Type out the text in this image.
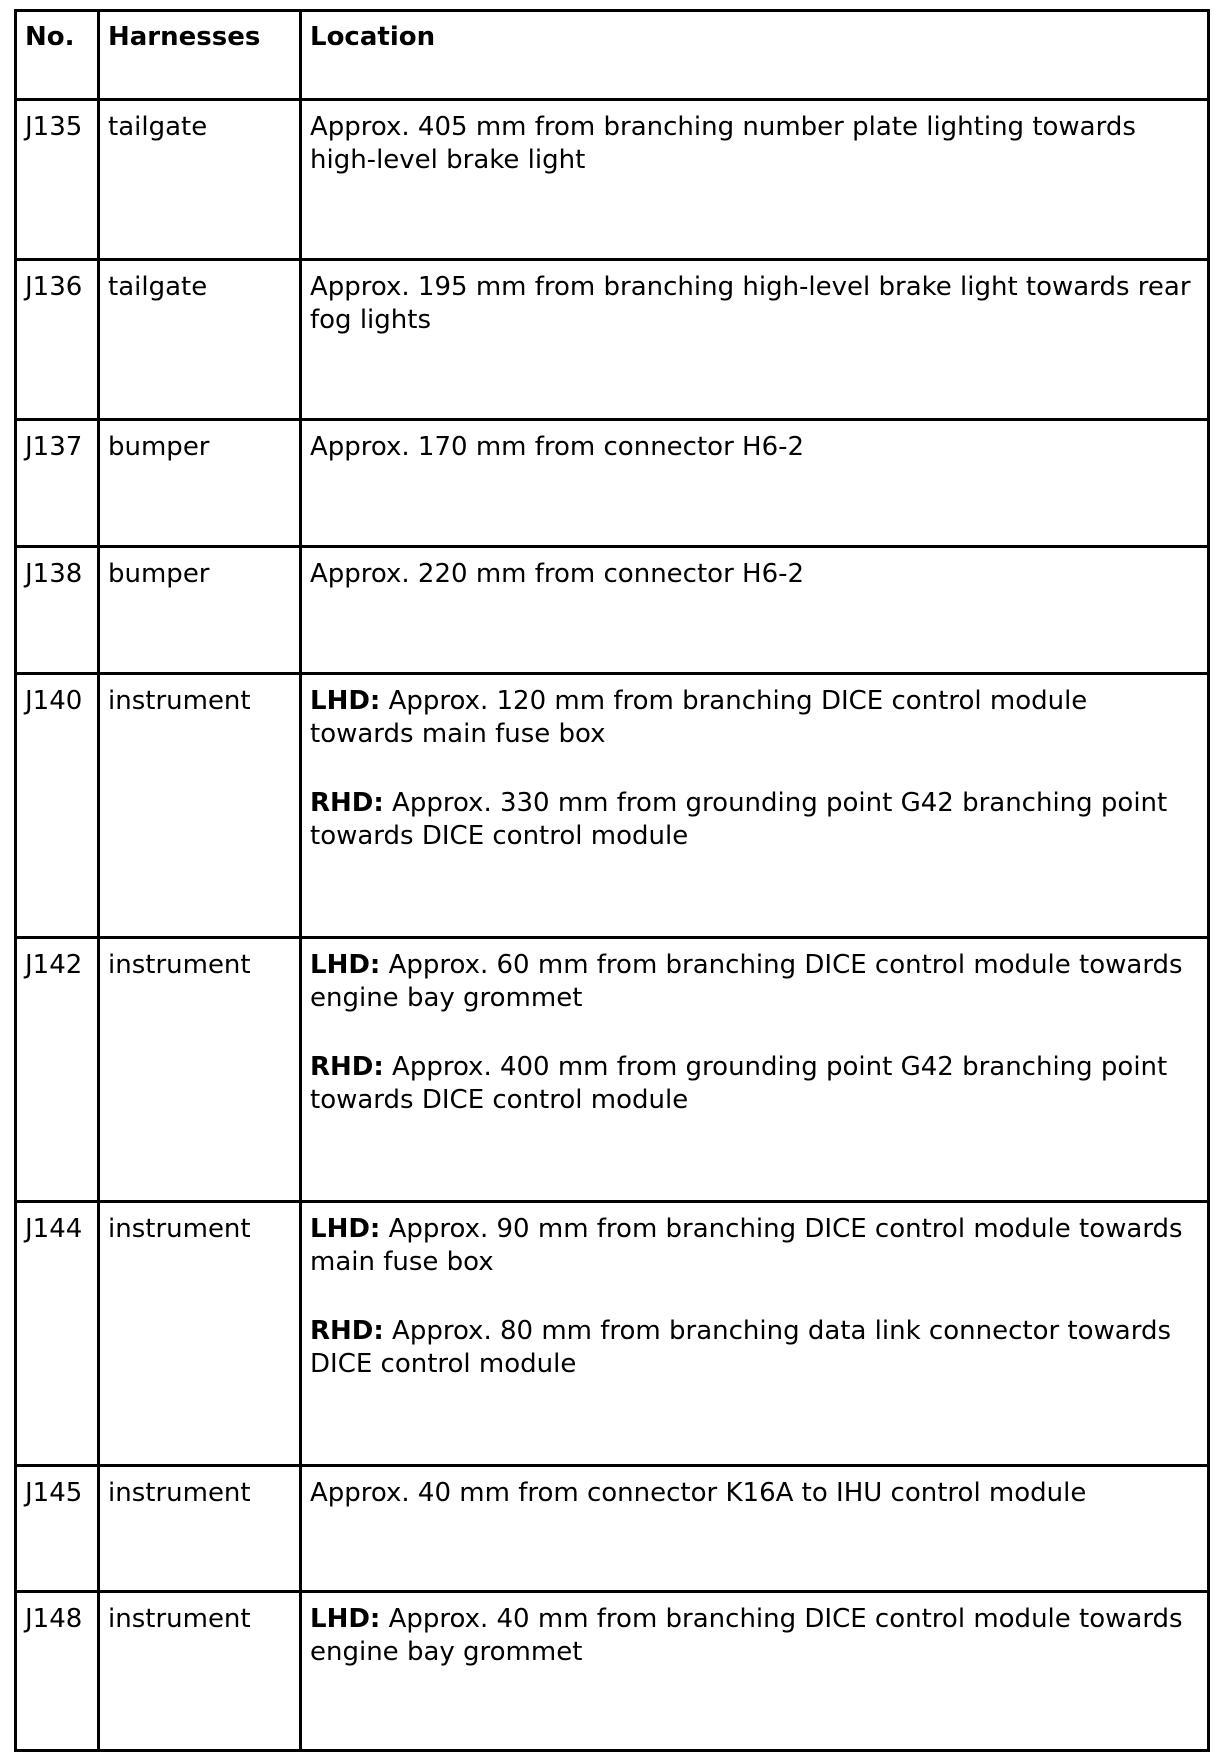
No.	Harnesses	Location
J135	tailgate	Approx. 405 mm from branching number plate lighting towards high-level brake light

J136	tailgate	Approx. 195 mm from branching high-level brake light towards rear fog lights

J137	bumper	Approx. 170 mm from connector H6-2

J138	bumper	Approx. 220 mm from connector H6-2

J140	instrument	LHD: Approx. 120 mm from branching DICE control module towards main fuse box
RHD: Approx. 330 mm from grounding point G42 branching point towards DICE control module

J142	instrument	LHD: Approx. 60 mm from branching DICE control module towards engine bay grommet
RHD: Approx. 400 mm from grounding point G42 branching point towards DICE control module

J144	instrument	LHD: Approx. 90 mm from branching DICE control module towards main fuse box
RHD: Approx. 80 mm from branching data link connector towards DICE control module

J145	instrument	Approx. 40 mm from connector K16A to IHU control module

J148	instrument	LHD: Approx. 40 mm from branching DICE control module towards engine bay grommet
